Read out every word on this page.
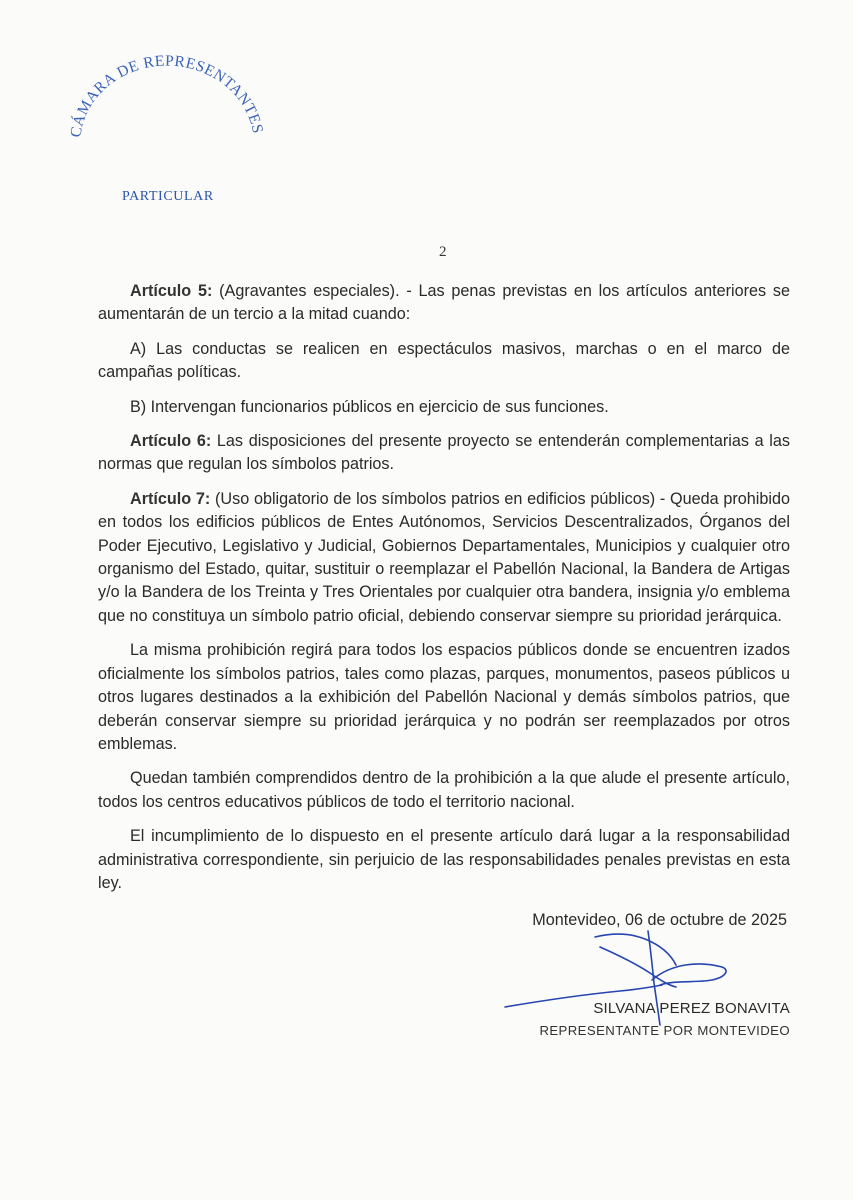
CÁMARA DE REPRESENTANTES
PARTICULAR
2

Artículo 5: (Agravantes especiales). - Las penas previstas en los artículos anteriores se aumentarán de un tercio a la mitad cuando:

A) Las conductas se realicen en espectáculos masivos, marchas o en el marco de campañas políticas.

B) Intervengan funcionarios públicos en ejercicio de sus funciones.

Artículo 6: Las disposiciones del presente proyecto se entenderán complementarias a las normas que regulan los símbolos patrios.

Artículo 7: (Uso obligatorio de los símbolos patrios en edificios públicos) - Queda prohibido en todos los edificios públicos de Entes Autónomos, Servicios Descentralizados, Órganos del Poder Ejecutivo, Legislativo y Judicial, Gobiernos Departamentales, Municipios y cualquier otro organismo del Estado, quitar, sustituir o reemplazar el Pabellón Nacional, la Bandera de Artigas y/o la Bandera de los Treinta y Tres Orientales por cualquier otra bandera, insignia y/o emblema que no constituya un símbolo patrio oficial, debiendo conservar siempre su prioridad jerárquica.

La misma prohibición regirá para todos los espacios públicos donde se encuentren izados oficialmente los símbolos patrios, tales como plazas, parques, monumentos, paseos públicos u otros lugares destinados a la exhibición del Pabellón Nacional y demás símbolos patrios, que deberán conservar siempre su prioridad jerárquica y no podrán ser reemplazados por otros emblemas.

Quedan también comprendidos dentro de la prohibición a la que alude el presente artículo, todos los centros educativos públicos de todo el territorio nacional.

El incumplimiento de lo dispuesto en el presente artículo dará lugar a la responsabilidad administrativa correspondiente, sin perjuicio de las responsabilidades penales previstas en esta ley.

Montevideo, 06 de octubre de 2025
SILVANA PEREZ BONAVITA
REPRESENTANTE POR MONTEVIDEO
